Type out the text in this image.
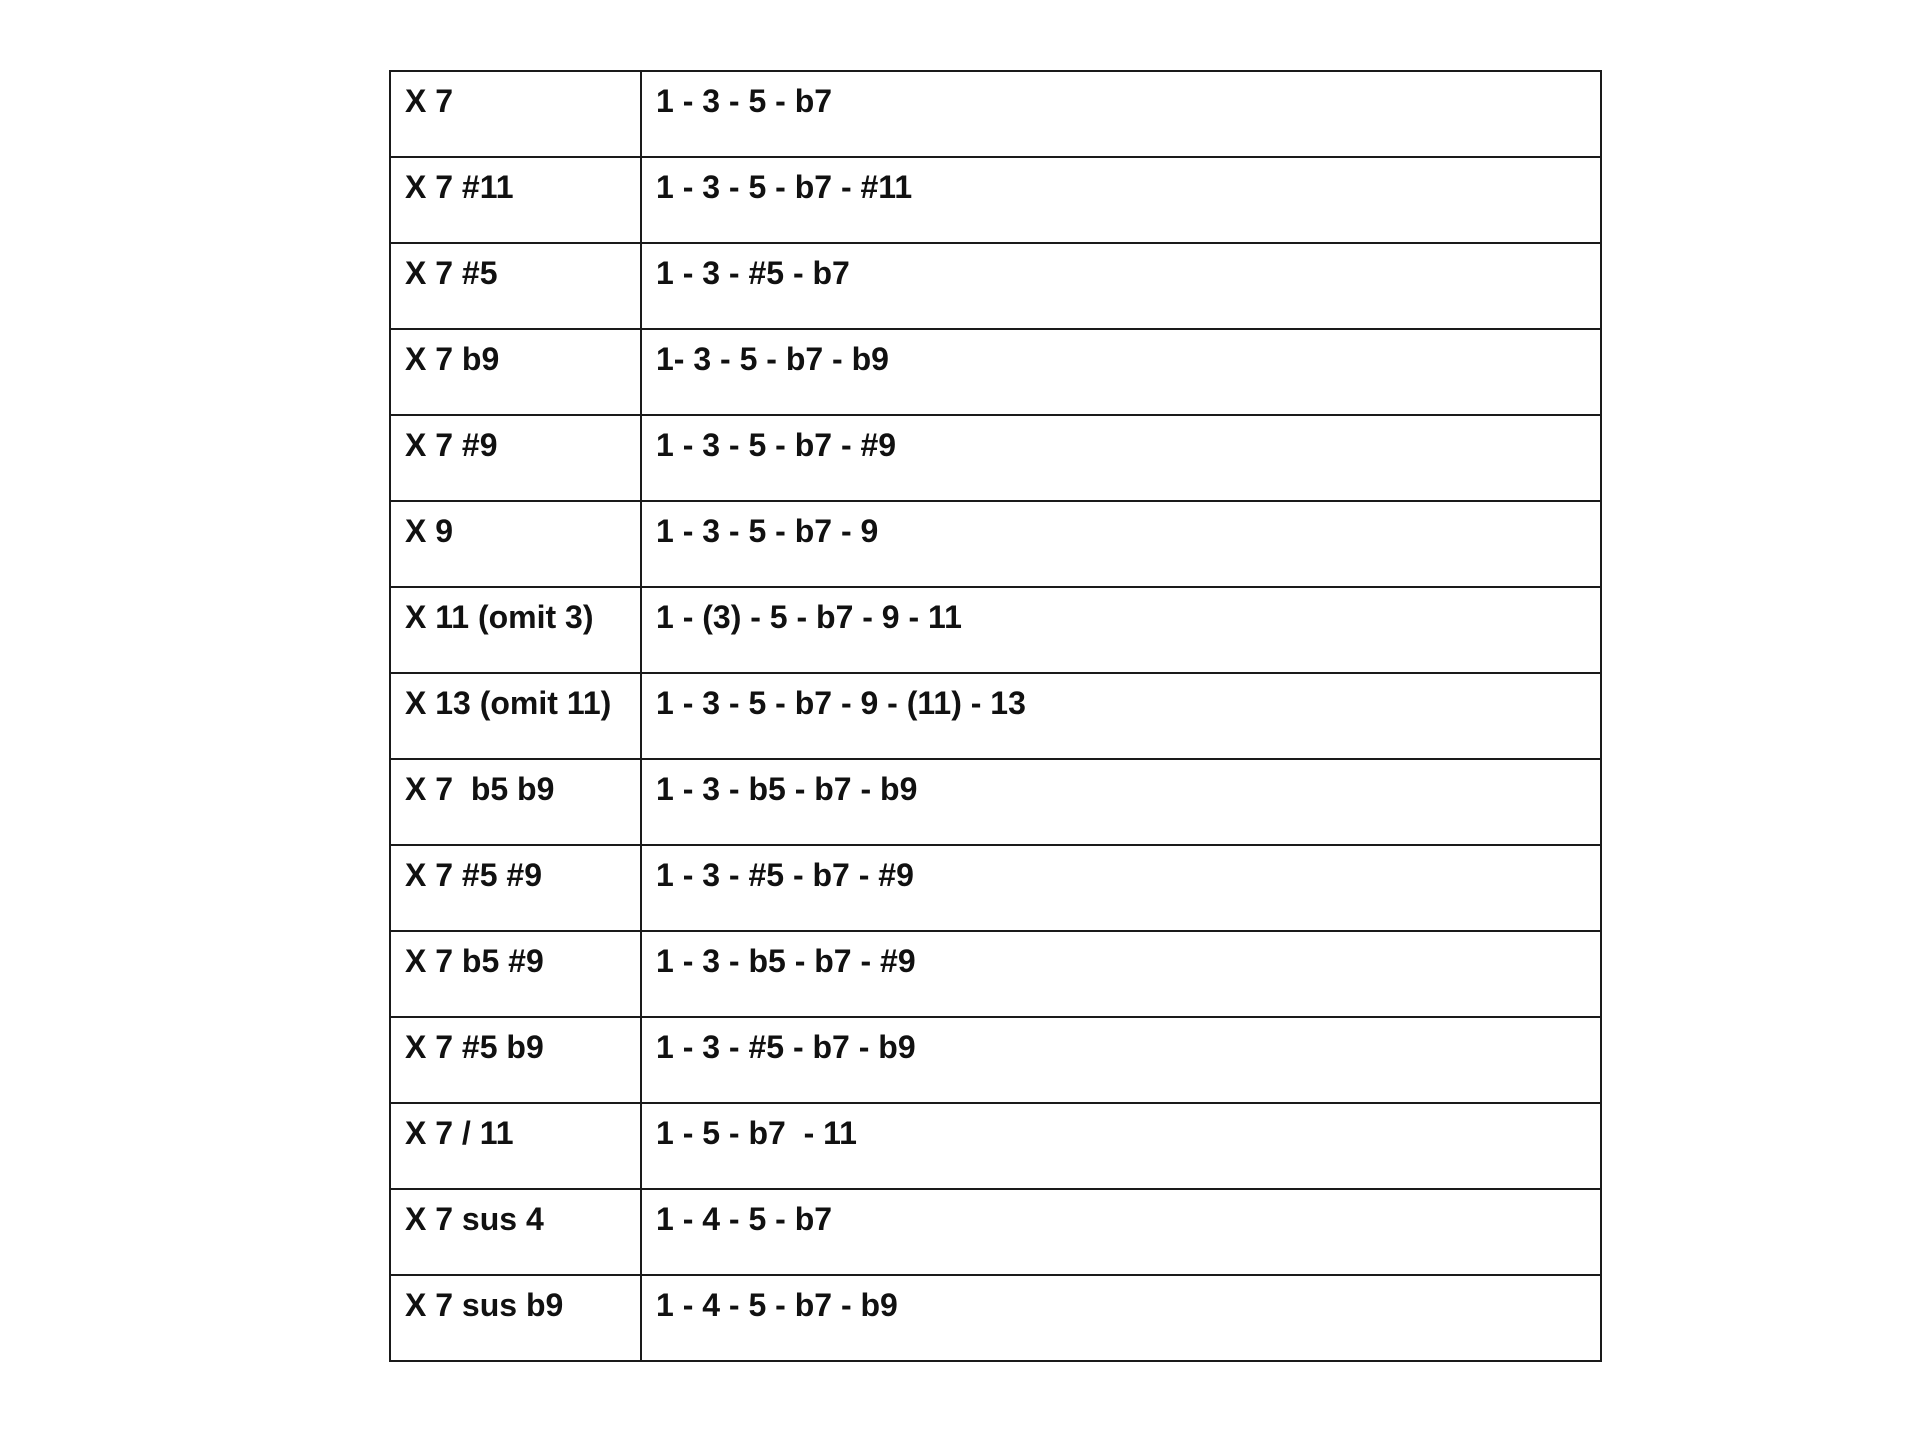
X 7	1 - 3 - 5 - b7

X 7 #11	1 - 3 - 5 - b7 - #11

X 7 #5	1 - 3 - #5 - b7

X 7 b9	1- 3 - 5 - b7 - b9

X 7 #9	1 - 3 - 5 - b7 - #9

X 9	1 - 3 - 5 - b7 - 9

X 11 (omit 3)	1 - (3) - 5 - b7 - 9 - 11

X 13 (omit 11)	1 - 3 - 5 - b7 - 9 - (11) - 13

X 7  b5 b9	1 - 3 - b5 - b7 - b9

X 7 #5 #9	1 - 3 - #5 - b7 - #9

X 7 b5 #9	1 - 3 - b5 - b7 - #9

X 7 #5 b9	1 - 3 - #5 - b7 - b9

X 7 / 11	1 - 5 - b7  - 11

X 7 sus 4	1 - 4 - 5 - b7

X 7 sus b9	1 - 4 - 5 - b7 - b9
